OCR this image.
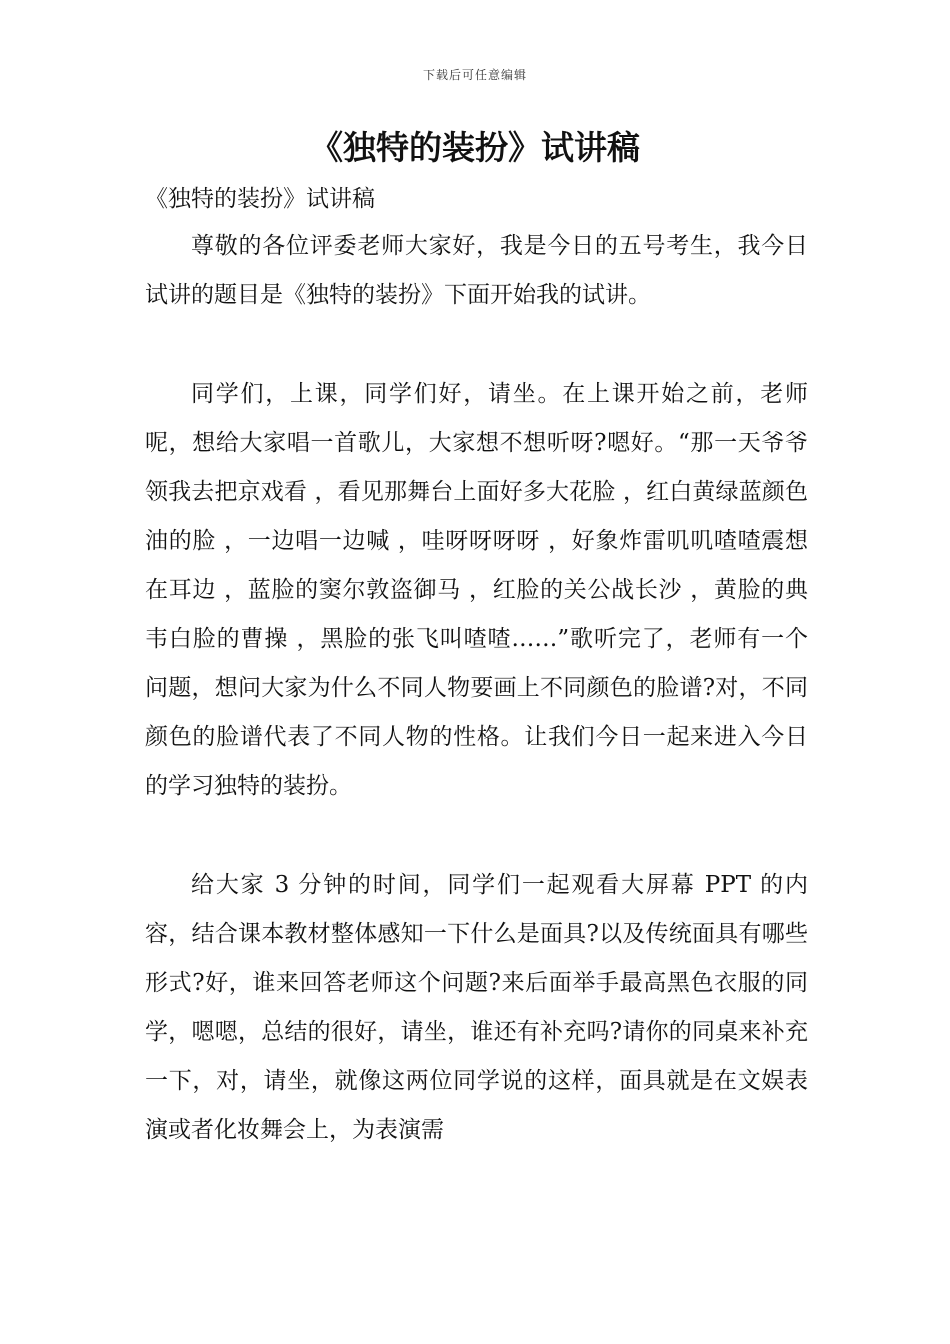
下载后可任意编辑
《独特的装扮》试讲稿

《独特的装扮》试讲稿

尊敬的各位评委老师大家好，我是今日的五号考生，我今日试讲的题目是《独特的装扮》下面开始我的试讲。

同学们，上课，同学们好，请坐。在上课开始之前，老师呢，想给大家唱一首歌儿，大家想不想听呀?嗯好。“那一天爷爷领我去把京戏看 ，看见那舞台上面好多大花脸 ，红白黄绿蓝颜色油的脸 ，一边唱一边喊 ，哇呀呀呀呀 ，好象炸雷叽叽喳喳震想在耳边 ，蓝脸的窦尔敦盗御马 ，红脸的关公战长沙 ，黄脸的典韦白脸的曹操 ，黑脸的张飞叫喳喳……”歌听完了，老师有一个问题，想问大家为什么不同人物要画上不同颜色的脸谱?对，不同颜色的脸谱代表了不同人物的性格。让我们今日一起来进入今日的学习独特的装扮。

给大家 3 分钟的时间，同学们一起观看大屏幕 PPT 的内容，结合课本教材整体感知一下什么是面具?以及传统面具有哪些形式?好，谁来回答老师这个问题?来后面举手最高黑色衣服的同学，嗯嗯，总结的很好，请坐，谁还有补充吗?请你的同桌来补充一下，对，请坐，就像这两位同学说的这样，面具就是在文娱表演或者化妆舞会上，为表演需
